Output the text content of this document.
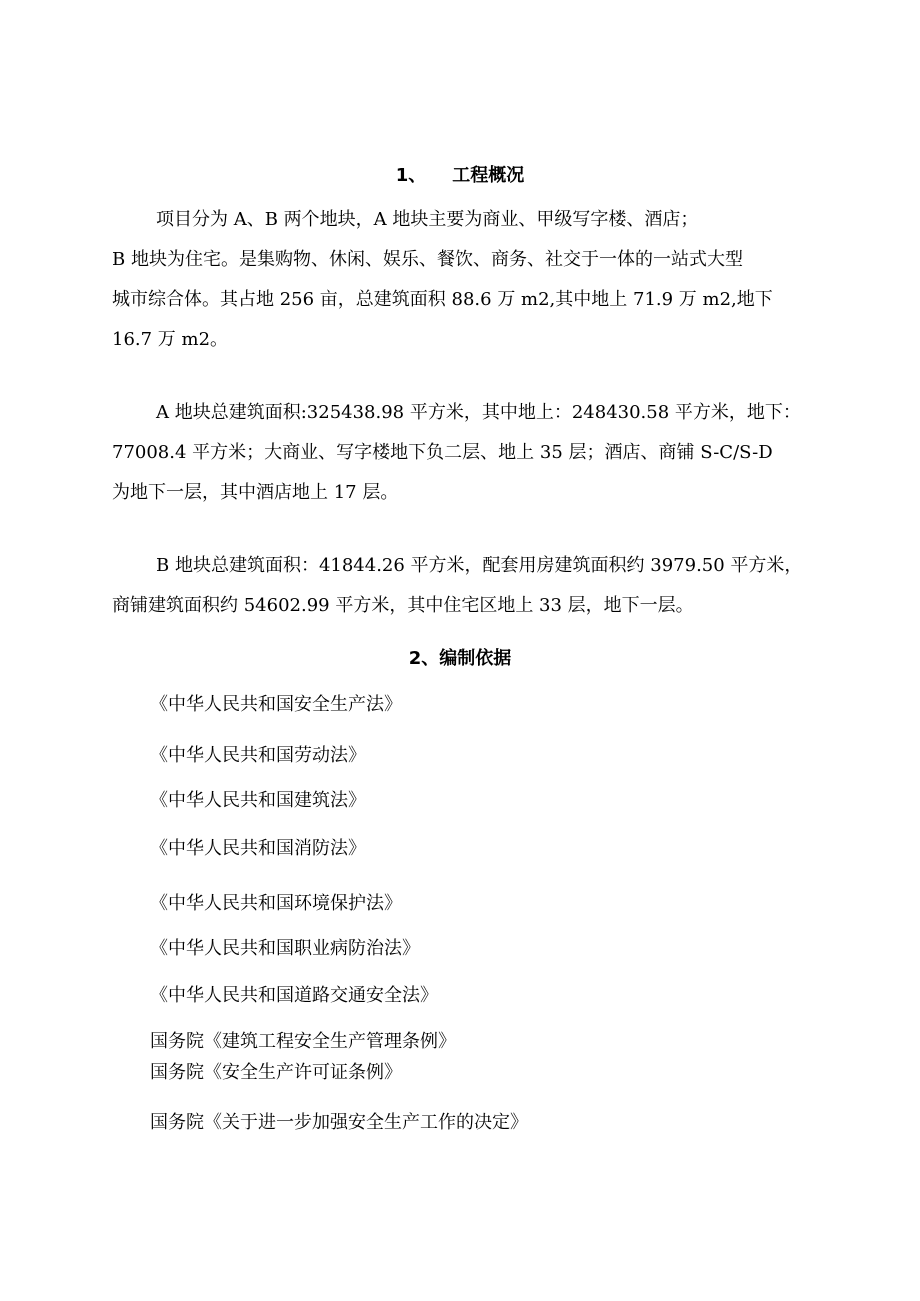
1、 工程概况
项目分为 A、B 两个地块，A 地块主要为商业、甲级写字楼、酒店；
B 地块为住宅。是集购物、休闲、娱乐、餐饮、商务、社交于一体的一站式大型
城市综合体。其占地 256 亩，总建筑面积 88.6 万 m2,其中地上 71.9 万 m2,地下
16.7 万 m2。
A 地块总建筑面积:325438.98 平方米，其中地上：248430.58 平方米，地下：
77008.4 平方米；大商业、写字楼地下负二层、地上 35 层；酒店、商铺 S-C/S-D
为地下一层，其中酒店地上 17 层。
B 地块总建筑面积：41844.26 平方米，配套用房建筑面积约 3979.50 平方米，
商铺建筑面积约 54602.99 平方米，其中住宅区地上 33 层，地下一层。
2、编制依据
《中华人民共和国安全生产法》
《中华人民共和国劳动法》
《中华人民共和国建筑法》
《中华人民共和国消防法》
《中华人民共和国环境保护法》
《中华人民共和国职业病防治法》
《中华人民共和国道路交通安全法》
国务院《建筑工程安全生产管理条例》
国务院《安全生产许可证条例》
国务院《关于进一步加强安全生产工作的决定》
